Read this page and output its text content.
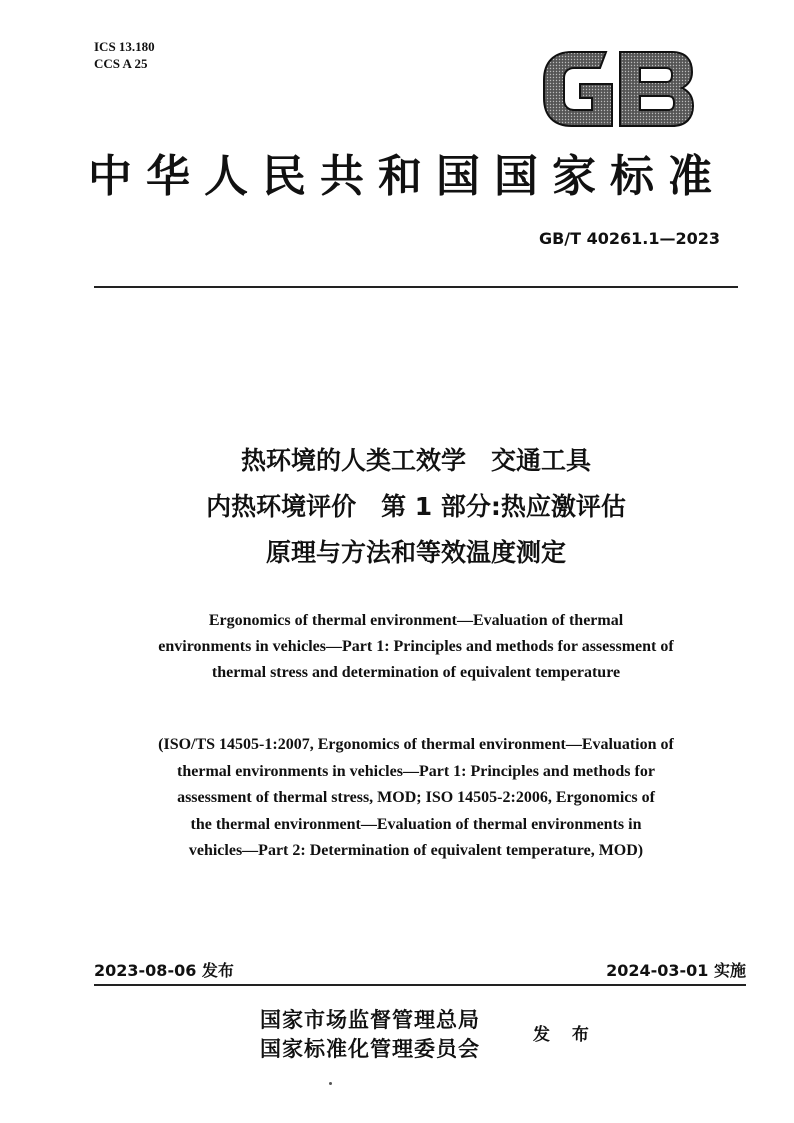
ICS 13.180
CCS A 25
中华人民共和国国家标准
GB/T 40261.1—2023
热环境的人类工效学　交通工具
内热环境评价　第 1 部分:热应激评估
原理与方法和等效温度测定
Ergonomics of thermal environment—Evaluation of thermal
environments in vehicles—Part 1: Principles and methods for assessment of
thermal stress and determination of equivalent temperature
(ISO/TS 14505-1:2007, Ergonomics of thermal environment—Evaluation of
thermal environments in vehicles—Part 1: Principles and methods for
assessment of thermal stress, MOD; ISO 14505-2:2006, Ergonomics of
the thermal environment—Evaluation of thermal environments in
vehicles—Part 2: Determination of equivalent temperature, MOD)
2023-08-06 发布	2024-03-01 实施
国家市场监督管理总局
国家标准化管理委员会
发 布
